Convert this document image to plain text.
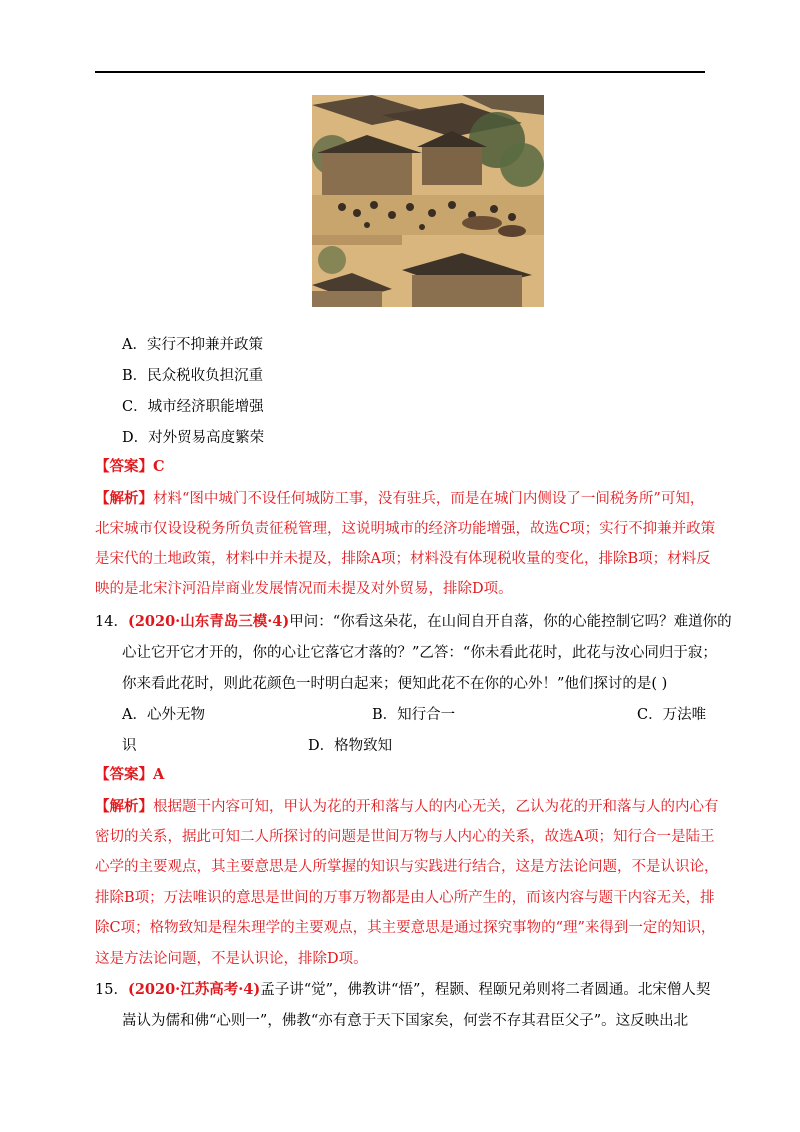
A．实行不抑兼并政策
B．民众税收负担沉重
C．城市经济职能增强
D．对外贸易高度繁荣
【答案】C
【解析】材料“图中城门不设任何城防工事，没有驻兵，而是在城门内侧设了一间税务所”可知，
北宋城市仅设设税务所负责征税管理，这说明城市的经济功能增强，故选C项；实行不抑兼并政策
是宋代的土地政策，材料中并未提及，排除A项；材料没有体现税收量的变化，排除B项；材料反
映的是北宋汴河沿岸商业发展情况而未提及对外贸易，排除D项。
14．(2020·山东青岛三模·4)甲问：“你看这朵花，在山间自开自落，你的心能控制它吗？难道你的
心让它开它才开的，你的心让它落它才落的？”乙答：“你未看此花时，此花与汝心同归于寂；
你来看此花时，则此花颜色一时明白起来；便知此花不在你的心外！”他们探讨的是( )
A．心外无物	B．知行合一	C．万法唯
识	D．格物致知
【答案】A
【解析】根据题干内容可知，甲认为花的开和落与人的内心无关，乙认为花的开和落与人的内心有
密切的关系，据此可知二人所探讨的问题是世间万物与人内心的关系，故选A项；知行合一是陆王
心学的主要观点，其主要意思是人所掌握的知识与实践进行结合，这是方法论问题，不是认识论，
排除B项；万法唯识的意思是世间的万事万物都是由人心所产生的，而该内容与题干内容无关，排
除C项；格物致知是程朱理学的主要观点，其主要意思是通过探究事物的“理”来得到一定的知识，
这是方法论问题，不是认识论，排除D项。
15．(2020·江苏高考·4)孟子讲“觉”，佛教讲“悟”，程颢、程颐兄弟则将二者圆通。北宋僧人契
嵩认为儒和佛“心则一”，佛教“亦有意于天下国家矣，何尝不存其君臣父子”。这反映出北
